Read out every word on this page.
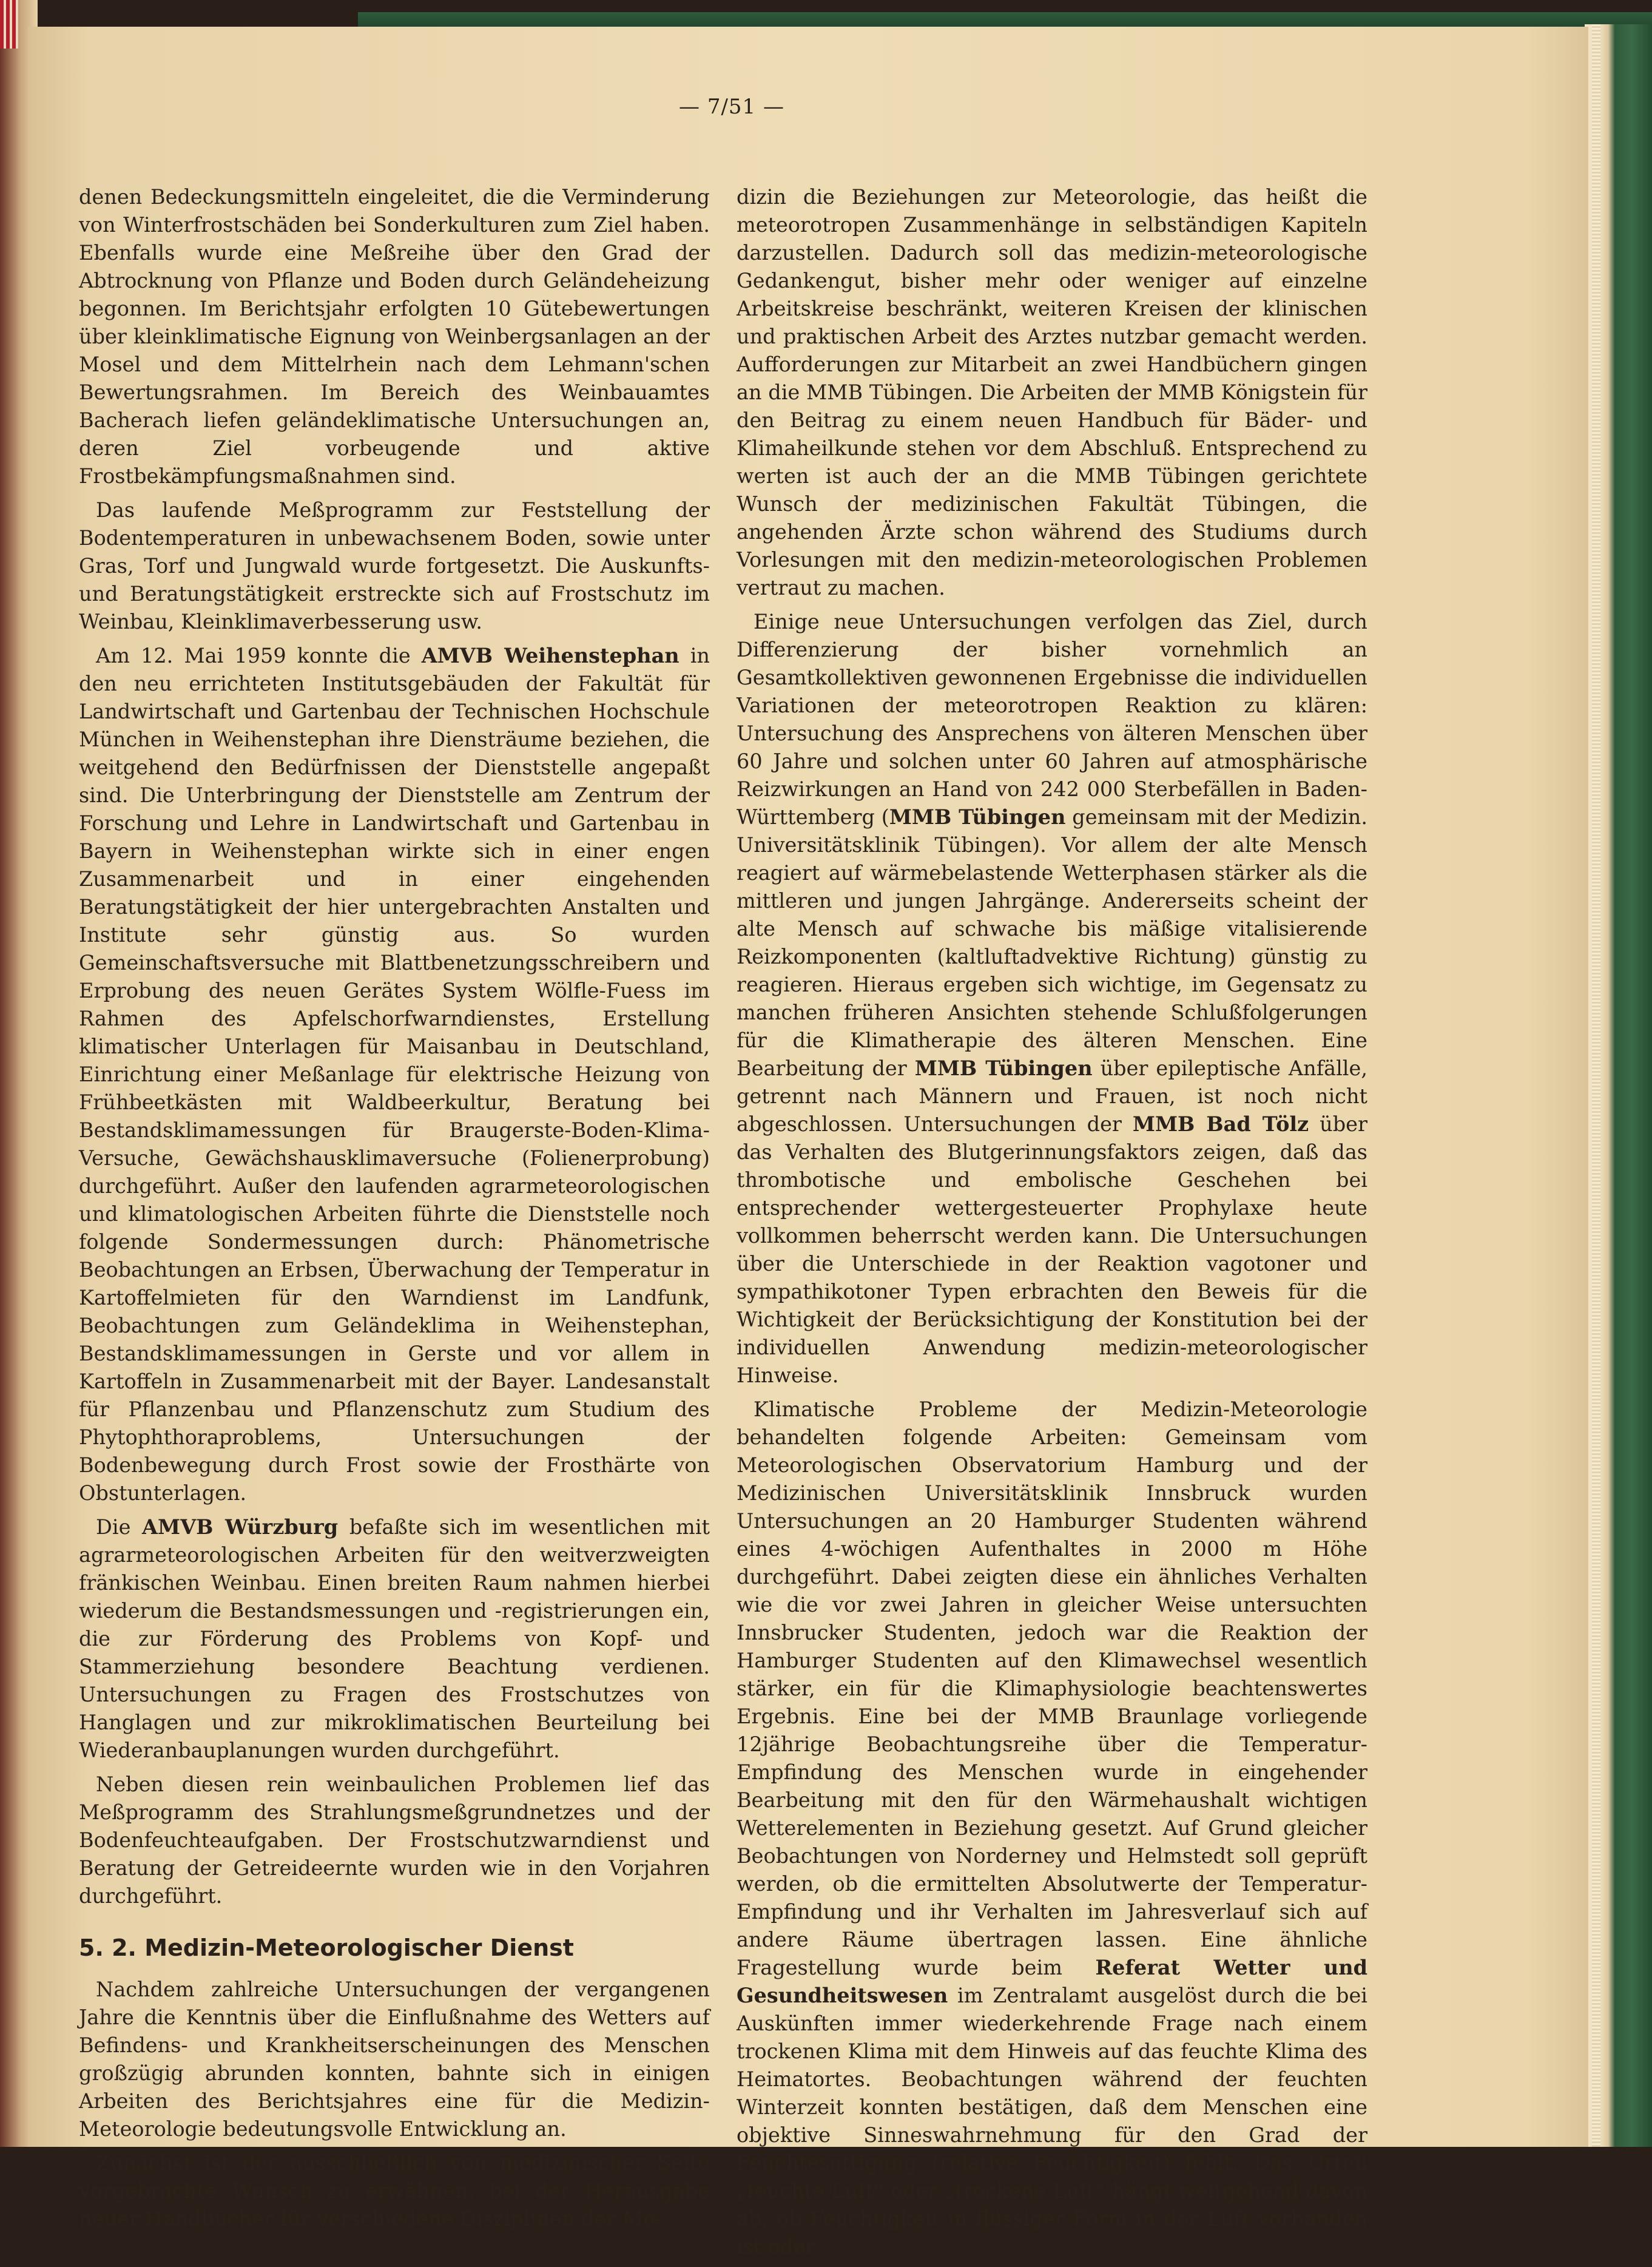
— 7/51 —

denen Bedeckungsmitteln eingeleitet, die die Verminderung von Winterfrostschäden bei Sonderkulturen zum Ziel haben. Ebenfalls wurde eine Meßreihe über den Grad der Abtrocknung von Pflanze und Boden durch Geländeheizung begonnen. Im Berichtsjahr erfolgten 10 Gütebewertungen über kleinklimatische Eignung von Weinbergsanlagen an der Mosel und dem Mittelrhein nach dem Lehmann'schen Bewertungsrahmen. Im Bereich des Weinbauamtes Bacherach liefen geländeklimatische Untersuchungen an, deren Ziel vorbeugende und aktive Frostbekämpfungsmaßnahmen sind.

Das laufende Meßprogramm zur Feststellung der Bodentemperaturen in unbewachsenem Boden, sowie unter Gras, Torf und Jungwald wurde fortgesetzt. Die Auskunfts- und Beratungstätigkeit erstreckte sich auf Frostschutz im Weinbau, Kleinklimaverbesserung usw.

Am 12. Mai 1959 konnte die AMVB Weihenstephan in den neu errichteten Institutsgebäuden der Fakultät für Landwirtschaft und Gartenbau der Technischen Hochschule München in Weihenstephan ihre Diensträume beziehen, die weitgehend den Bedürfnissen der Dienststelle angepaßt sind. Die Unterbringung der Dienststelle am Zentrum der Forschung und Lehre in Landwirtschaft und Gartenbau in Bayern in Weihenstephan wirkte sich in einer engen Zusammenarbeit und in einer eingehenden Beratungstätigkeit der hier untergebrachten Anstalten und Institute sehr günstig aus. So wurden Gemeinschaftsversuche mit Blattbenetzungsschreibern und Erprobung des neuen Gerätes System Wölfle-Fuess im Rahmen des Apfelschorfwarndienstes, Erstellung klimatischer Unterlagen für Maisanbau in Deutschland, Einrichtung einer Meßanlage für elektrische Heizung von Frühbeetkästen mit Waldbeerkultur, Beratung bei Bestandsklimamessungen für Braugerste-Boden-Klima-Versuche, Gewächshausklimaversuche (Folienerprobung) durchgeführt. Außer den laufenden agrarmeteorologischen und klimatologischen Arbeiten führte die Dienststelle noch folgende Sondermessungen durch: Phänometrische Beobachtungen an Erbsen, Überwachung der Temperatur in Kartoffelmieten für den Warndienst im Landfunk, Beobachtungen zum Geländeklima in Weihenstephan, Bestandsklimamessungen in Gerste und vor allem in Kartoffeln in Zusammenarbeit mit der Bayer. Landesanstalt für Pflanzenbau und Pflanzenschutz zum Studium des Phytophthoraproblems, Untersuchungen der Bodenbewegung durch Frost sowie der Frosthärte von Obstunterlagen.

Die AMVB Würzburg befaßte sich im wesentlichen mit agrarmeteorologischen Arbeiten für den weitverzweigten fränkischen Weinbau. Einen breiten Raum nahmen hierbei wiederum die Bestandsmessungen und -registrierungen ein, die zur Förderung des Problems von Kopf- und Stammerziehung besondere Beachtung verdienen. Untersuchungen zu Fragen des Frostschutzes von Hanglagen und zur mikroklimatischen Beurteilung bei Wiederanbauplanungen wurden durchgeführt.

Neben diesen rein weinbaulichen Problemen lief das Meßprogramm des Strahlungsmeßgrundnetzes und der Bodenfeuchteaufgaben. Der Frostschutzwarndienst und Beratung der Getreideernte wurden wie in den Vorjahren durchgeführt.

5. 2. Medizin-Meteorologischer Dienst

Nachdem zahlreiche Untersuchungen der vergangenen Jahre die Kenntnis über die Einflußnahme des Wetters auf Befindens- und Krankheitserscheinungen des Menschen großzügig abrunden konnten, bahnte sich in einigen Arbeiten des Berichtsjahres eine für die Medizin-Meteorologie bedeutungsvolle Entwicklung an.

Zunächst ist der ausschließlich von medizinischer Seite vorgebrachte Wunsch zu erwähnen, bei der Herausgabe neuer Handbücher für verschiedene Disziplinen der Me-

dizin die Beziehungen zur Meteorologie, das heißt die meteorotropen Zusammenhänge in selbständigen Kapiteln darzustellen. Dadurch soll das medizin-meteorologische Gedankengut, bisher mehr oder weniger auf einzelne Arbeitskreise beschränkt, weiteren Kreisen der klinischen und praktischen Arbeit des Arztes nutzbar gemacht werden. Aufforderungen zur Mitarbeit an zwei Handbüchern gingen an die MMB Tübingen. Die Arbeiten der MMB Königstein für den Beitrag zu einem neuen Handbuch für Bäder- und Klimaheilkunde stehen vor dem Abschluß. Entsprechend zu werten ist auch der an die MMB Tübingen gerichtete Wunsch der medizinischen Fakultät Tübingen, die angehenden Ärzte schon während des Studiums durch Vorlesungen mit den medizin-meteorologischen Problemen vertraut zu machen.

Einige neue Untersuchungen verfolgen das Ziel, durch Differenzierung der bisher vornehmlich an Gesamtkollektiven gewonnenen Ergebnisse die individuellen Variationen der meteorotropen Reaktion zu klären: Untersuchung des Ansprechens von älteren Menschen über 60 Jahre und solchen unter 60 Jahren auf atmosphärische Reizwirkungen an Hand von 242 000 Sterbefällen in Baden-Württemberg (MMB Tübingen gemeinsam mit der Medizin. Universitätsklinik Tübingen). Vor allem der alte Mensch reagiert auf wärmebelastende Wetterphasen stärker als die mittleren und jungen Jahrgänge. Andererseits scheint der alte Mensch auf schwache bis mäßige vitalisierende Reizkomponenten (kaltluftadvektive Richtung) günstig zu reagieren. Hieraus ergeben sich wichtige, im Gegensatz zu manchen früheren Ansichten stehende Schlußfolgerungen für die Klimatherapie des älteren Menschen. Eine Bearbeitung der MMB Tübingen über epileptische Anfälle, getrennt nach Männern und Frauen, ist noch nicht abgeschlossen. Untersuchungen der MMB Bad Tölz über das Verhalten des Blutgerinnungsfaktors zeigen, daß das thrombotische und embolische Geschehen bei entsprechender wettergesteuerter Prophylaxe heute vollkommen beherrscht werden kann. Die Untersuchungen über die Unterschiede in der Reaktion vagotoner und sympathikotoner Typen erbrachten den Beweis für die Wichtigkeit der Berücksichtigung der Konstitution bei der individuellen Anwendung medizin-meteorologischer Hinweise.

Klimatische Probleme der Medizin-Meteorologie behandelten folgende Arbeiten: Gemeinsam vom Meteorologischen Observatorium Hamburg und der Medizinischen Universitätsklinik Innsbruck wurden Untersuchungen an 20 Hamburger Studenten während eines 4-wöchigen Aufenthaltes in 2000 m Höhe durchgeführt. Dabei zeigten diese ein ähnliches Verhalten wie die vor zwei Jahren in gleicher Weise untersuchten Innsbrucker Studenten, jedoch war die Reaktion der Hamburger Studenten auf den Klimawechsel wesentlich stärker, ein für die Klimaphysiologie beachtenswertes Ergebnis. Eine bei der MMB Braunlage vorliegende 12jährige Beobachtungsreihe über die Temperatur-Empfindung des Menschen wurde in eingehender Bearbeitung mit den für den Wärmehaushalt wichtigen Wetterelementen in Beziehung gesetzt. Auf Grund gleicher Beobachtungen von Norderney und Helmstedt soll geprüft werden, ob die ermittelten Absolutwerte der Temperatur-Empfindung und ihr Verhalten im Jahresverlauf sich auf andere Räume übertragen lassen. Eine ähnliche Fragestellung wurde beim Referat Wetter und Gesundheitswesen im Zentralamt ausgelöst durch die bei Auskünften immer wiederkehrende Frage nach einem trockenen Klima mit dem Hinweis auf das feuchte Klima des Heimatortes. Beobachtungen während der feuchten Winterzeit konnten bestätigen, daß dem Menschen eine objektive Sinneswahrnehmung für den Grad der Feuchtesättigung (relative Feuchtigkeit) fehlt. Das Urteil „feuchte Luft“ oder „trockene Luft“ hängt weitgehend davon ab, ob Feuchtigkeit in flüssiger Form in der Luft vorhanden ist oder
